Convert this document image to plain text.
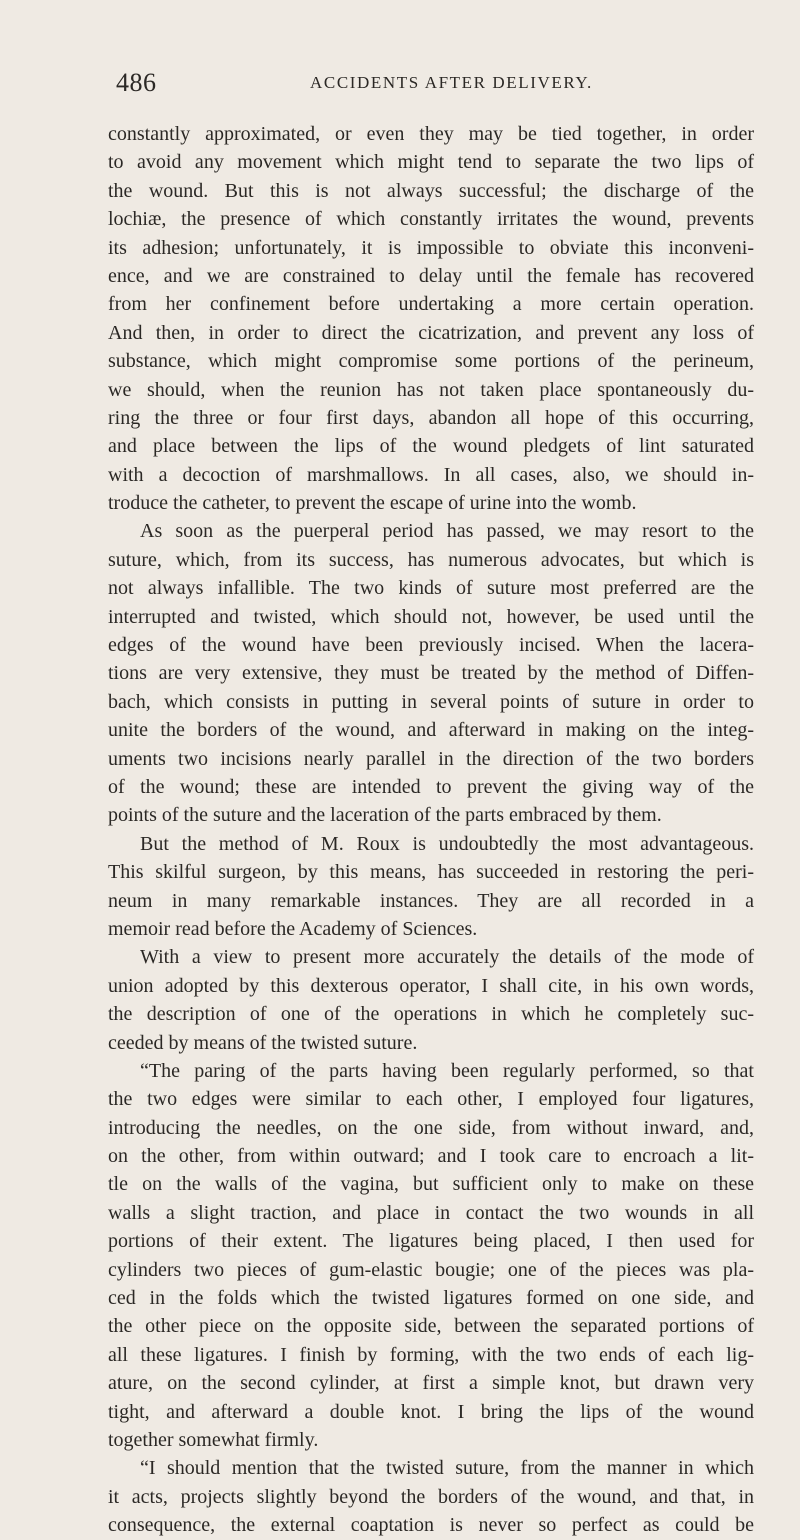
486	ACCIDENTS AFTER DELIVERY.
constantly approximated, or even they may be tied together, in order
to avoid any movement which might tend to separate the two lips of
the wound. But this is not always successful; the discharge of the
lochiæ, the presence of which constantly irritates the wound, prevents
its adhesion; unfortunately, it is impossible to obviate this inconveni-
ence, and we are constrained to delay until the female has recovered
from her confinement before undertaking a more certain operation.
And then, in order to direct the cicatrization, and prevent any loss of
substance, which might compromise some portions of the perineum,
we should, when the reunion has not taken place spontaneously du-
ring the three or four first days, abandon all hope of this occurring,
and place between the lips of the wound pledgets of lint saturated
with a decoction of marshmallows. In all cases, also, we should in-
troduce the catheter, to prevent the escape of urine into the womb.
As soon as the puerperal period has passed, we may resort to the
suture, which, from its success, has numerous advocates, but which is
not always infallible. The two kinds of suture most preferred are the
interrupted and twisted, which should not, however, be used until the
edges of the wound have been previously incised. When the lacera-
tions are very extensive, they must be treated by the method of Diffen-
bach, which consists in putting in several points of suture in order to
unite the borders of the wound, and afterward in making on the integ-
uments two incisions nearly parallel in the direction of the two borders
of the wound; these are intended to prevent the giving way of the
points of the suture and the laceration of the parts embraced by them.
But the method of M. Roux is undoubtedly the most advantageous.
This skilful surgeon, by this means, has succeeded in restoring the peri-
neum in many remarkable instances. They are all recorded in a
memoir read before the Academy of Sciences.
With a view to present more accurately the details of the mode of
union adopted by this dexterous operator, I shall cite, in his own words,
the description of one of the operations in which he completely suc-
ceeded by means of the twisted suture.
“The paring of the parts having been regularly performed, so that
the two edges were similar to each other, I employed four ligatures,
introducing the needles, on the one side, from without inward, and,
on the other, from within outward; and I took care to encroach a lit-
tle on the walls of the vagina, but sufficient only to make on these
walls a slight traction, and place in contact the two wounds in all
portions of their extent. The ligatures being placed, I then used for
cylinders two pieces of gum-elastic bougie; one of the pieces was pla-
ced in the folds which the twisted ligatures formed on one side, and
the other piece on the opposite side, between the separated portions of
all these ligatures. I finish by forming, with the two ends of each lig-
ature, on the second cylinder, at first a simple knot, but drawn very
tight, and afterward a double knot. I bring the lips of the wound
together somewhat firmly.
“I should mention that the twisted suture, from the manner in which
it acts, projects slightly beyond the borders of the wound, and that, in
consequence, the external coaptation is never so perfect as could be
